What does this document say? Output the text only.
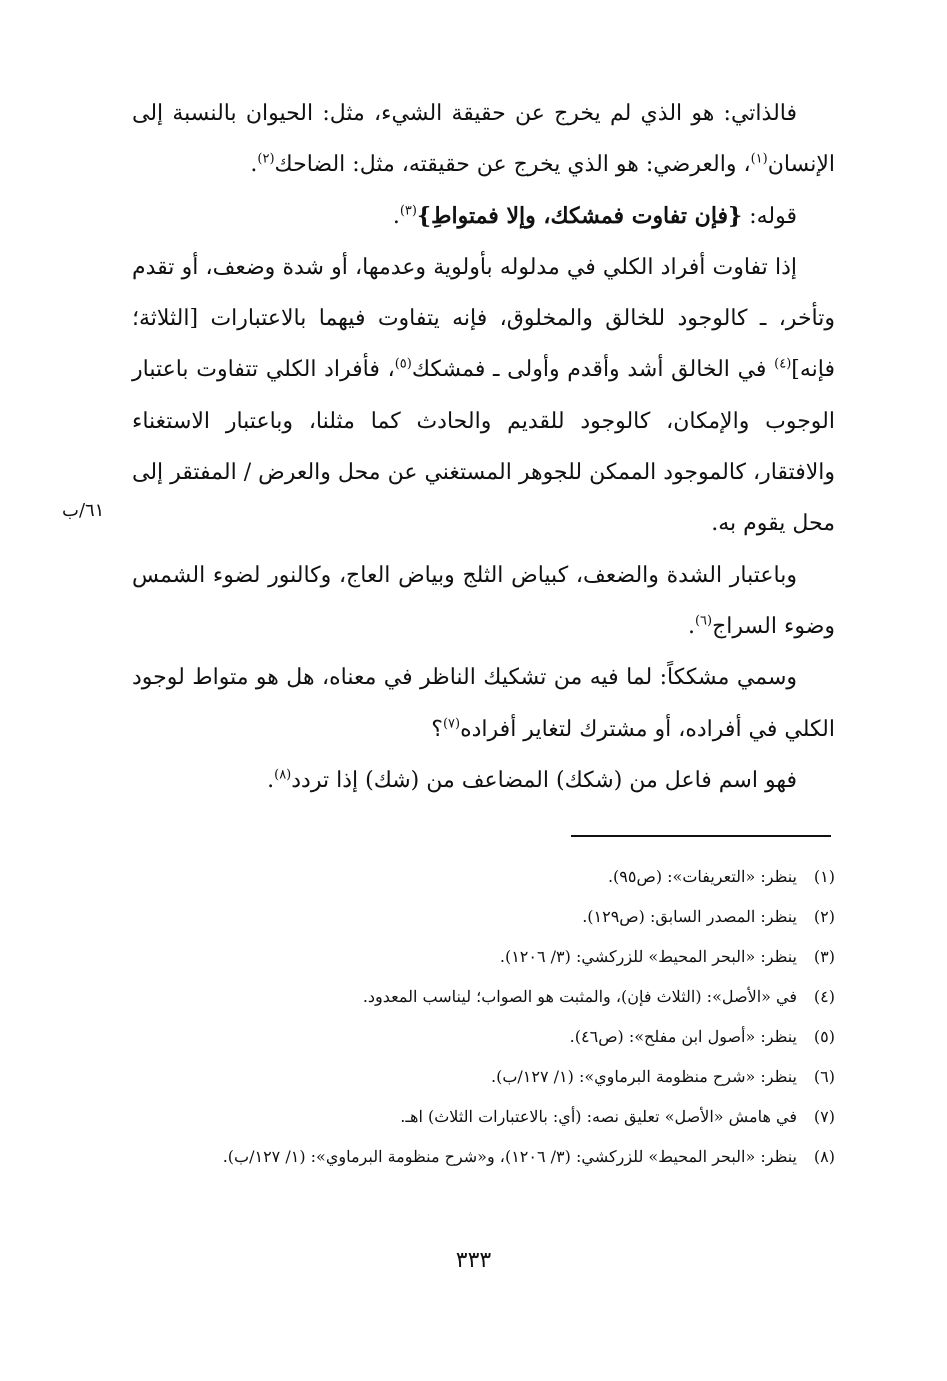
فالذاتي: هو الذي لم يخرج عن حقيقة الشيء، مثل: الحيوان بالنسبة إلى الإنسان$^{(١)}$، والعرضي: هو الذي يخرج عن حقيقته، مثل: الضاحك$^{(٢)}$.

قوله: {فإن تفاوت فمشكك، وإلا فمتواطِ}$^{(٣)}$.

إذا تفاوت أفراد الكلي في مدلوله بأولوية وعدمها، أو شدة وضعف، أو تقدم وتأخر، ـ كالوجود للخالق والمخلوق، فإنه يتفاوت فيهما بالاعتبارات [الثلاثة؛ فإنه]$^{(٤)}$ في الخالق أشد وأقدم وأولى ـ فمشكك$^{(٥)}$، فأفراد الكلي تتفاوت باعتبار الوجوب والإمكان، كالوجود للقديم والحادث كما مثلنا، وباعتبار الاستغناء والافتقار، كالموجود الممكن للجوهر المستغني عن محل والعرض / المفتقر إلى محل يقوم به.

وباعتبار الشدة والضعف، كبياض الثلج وبياض العاج، وكالنور لضوء الشمس وضوء السراج$^{(٦)}$.

وسمي مشككاً: لما فيه من تشكيك الناظر في معناه، هل هو متواط لوجود الكلي في أفراده، أو مشترك لتغاير أفراده$^{(٧)}$؟

فهو اسم فاعل من (شكك) المضاعف من (شك) إذا تردد$^{(٨)}$.

٦١/ب
(١)
ينظر: «التعريفات»: (ص٩٥).
(٢)
ينظر: المصدر السابق: (ص١٢٩).
(٣)
ينظر: «البحر المحيط» للزركشي: (٣/ ١٢٠٦).
(٤)
في «الأصل»: (الثلاث فإن)، والمثبت هو الصواب؛ ليناسب المعدود.
(٥)
ينظر: «أصول ابن مفلح»: (ص٤٦).
(٦)
ينظر: «شرح منظومة البرماوي»: (١/ ١٢٧/ب).
(٧)
في هامش «الأصل» تعليق نصه: (أي: بالاعتبارات الثلاث) اهـ.
(٨)
ينظر: «البحر المحيط» للزركشي: (٣/ ١٢٠٦)، و«شرح منظومة البرماوي»: (١/ ١٢٧/ب).
٣٣٣
